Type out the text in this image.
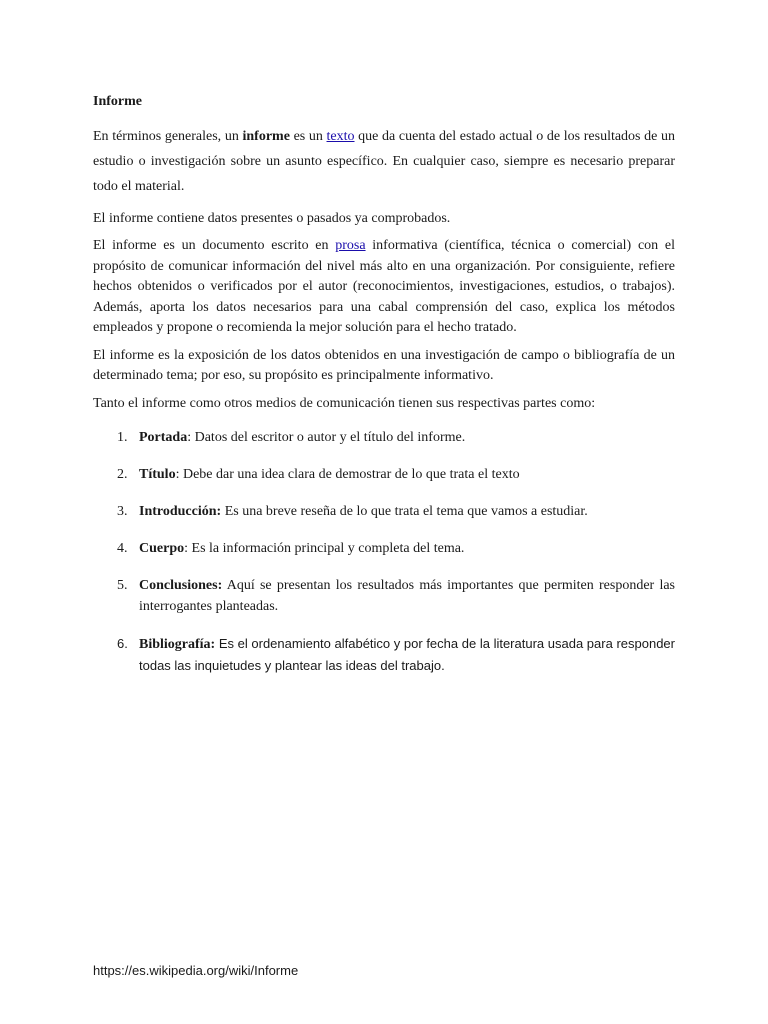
Informe

En términos generales, un informe es un texto que da cuenta del estado actual o de los resultados de un estudio o investigación sobre un asunto específico. En cualquier caso, siempre es necesario preparar todo el material.

El informe contiene datos presentes o pasados ya comprobados.

El informe es un documento escrito en prosa informativa (científica, técnica o comercial) con el propósito de comunicar información del nivel más alto en una organización. Por consiguiente, refiere hechos obtenidos o verificados por el autor (reconocimientos, investigaciones, estudios, o trabajos). Además, aporta los datos necesarios para una cabal comprensión del caso, explica los métodos empleados y propone o recomienda la mejor solución para el hecho tratado.

El informe es la exposición de los datos obtenidos en una investigación de campo o bibliografía de un determinado tema; por eso, su propósito es principalmente informativo.

Tanto el informe como otros medios de comunicación tienen sus respectivas partes como:

1. Portada: Datos del escritor o autor y el título del informe.
2. Título: Debe dar una idea clara de demostrar de lo que trata el texto
3. Introducción: Es una breve reseña de lo que trata el tema que vamos a estudiar.
4. Cuerpo: Es la información principal y completa del tema.
5. Conclusiones: Aquí se presentan los resultados más importantes que permiten responder las interrogantes planteadas.
6. Bibliografía: Es el ordenamiento alfabético y por fecha de la literatura usada para responder todas las inquietudes y plantear las ideas del trabajo.
https://es.wikipedia.org/wiki/Informe
